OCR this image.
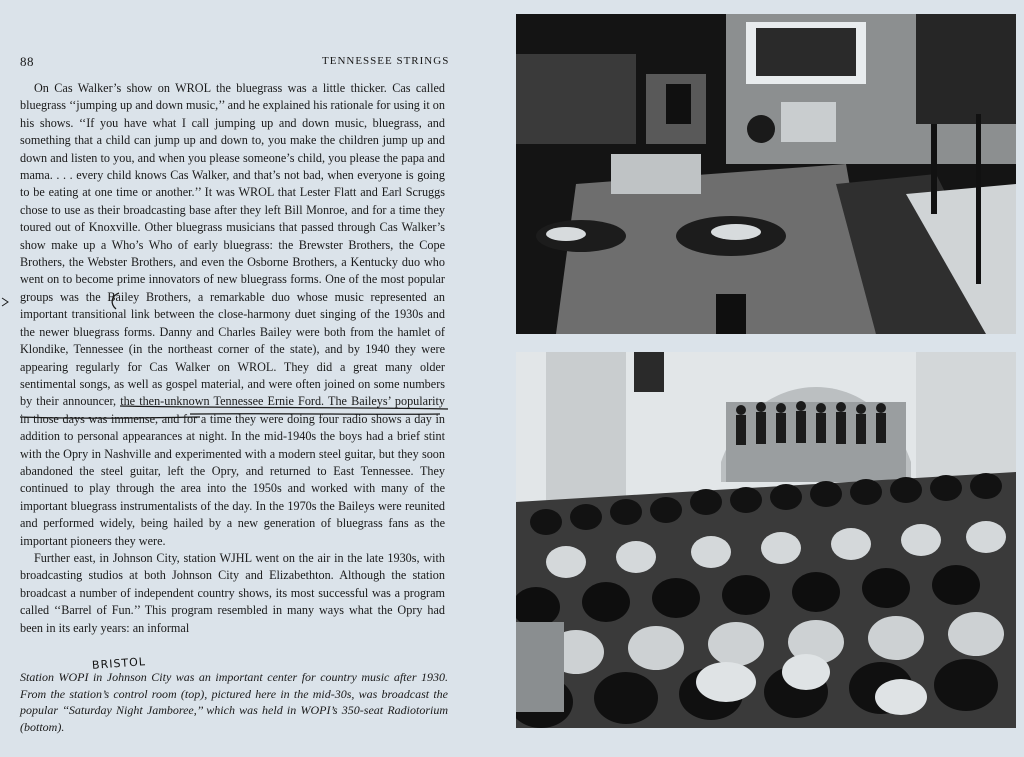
88	TENNESSEE STRINGS

On Cas Walker’s show on WROL the bluegrass was a little thicker. Cas called bluegrass ‘‘jumping up and down music,’’ and he explained his rationale for using it on his shows. ‘‘If you have what I call jumping up and down music, bluegrass, and something that a child can jump up and down to, you make the children jump up and down and listen to you, and when you please someone’s child, you please the papa and mama. . . . every child knows Cas Walker, and that’s not bad, when everyone is going to be eating at one time or another.’’ It was WROL that Lester Flatt and Earl Scruggs chose to use as their broadcasting base after they left Bill Monroe, and for a time they toured out of Knoxville. Other bluegrass musicians that passed through Cas Walker’s show make up a Who’s Who of early bluegrass: the Brewster Brothers, the Cope Brothers, the Webster Brothers, and even the Osborne Brothers, a Kentucky duo who went on to become prime innovators of new bluegrass forms. One of the most popular groups was the Bailey Brothers, a remarkable duo whose music represented an important transitional link between the close-harmony duet singing of the 1930s and the newer bluegrass forms. Danny and Charles Bailey were both from the hamlet of Klondike, Tennessee (in the northeast corner of the state), and by 1940 they were appearing regularly for Cas Walker on WROL. They did a great many older sentimental songs, as well as gospel material, and were often joined on some numbers by their announcer, the then-unknown Tennessee Ernie Ford. The Baileys’ popularity in those days was immense, and for a time they were doing four radio shows a day in addition to personal appearances at night. In the mid-1940s the boys had a brief stint with the Opry in Nashville and experimented with a modern steel guitar, but they soon abandoned the steel guitar, left the Opry, and returned to East Tennessee. They continued to play through the area into the 1950s and worked with many of the important bluegrass instrumentalists of the day. In the 1970s the Baileys were reunited and performed widely, being hailed by a new generation of bluegrass fans as the important pioneers they were.

Further east, in Johnson City, station WJHL went on the air in the late 1930s, with broadcasting studios at both Johnson City and Elizabethton. Although the station broadcast a number of independent country shows, its most successful was a program called ‘‘Barrel of Fun.’’ This program resembled in many ways what the Opry had been in its early years: an informal

BRISTOL

Station WOPI in Johnson City was an important center for country music after 1930. From the station’s control room (top), pictured here in the mid-30s, was broadcast the popular ‘‘Saturday Night Jamboree,’’ which was held in WOPI’s 350-seat Radiotorium (bottom).
